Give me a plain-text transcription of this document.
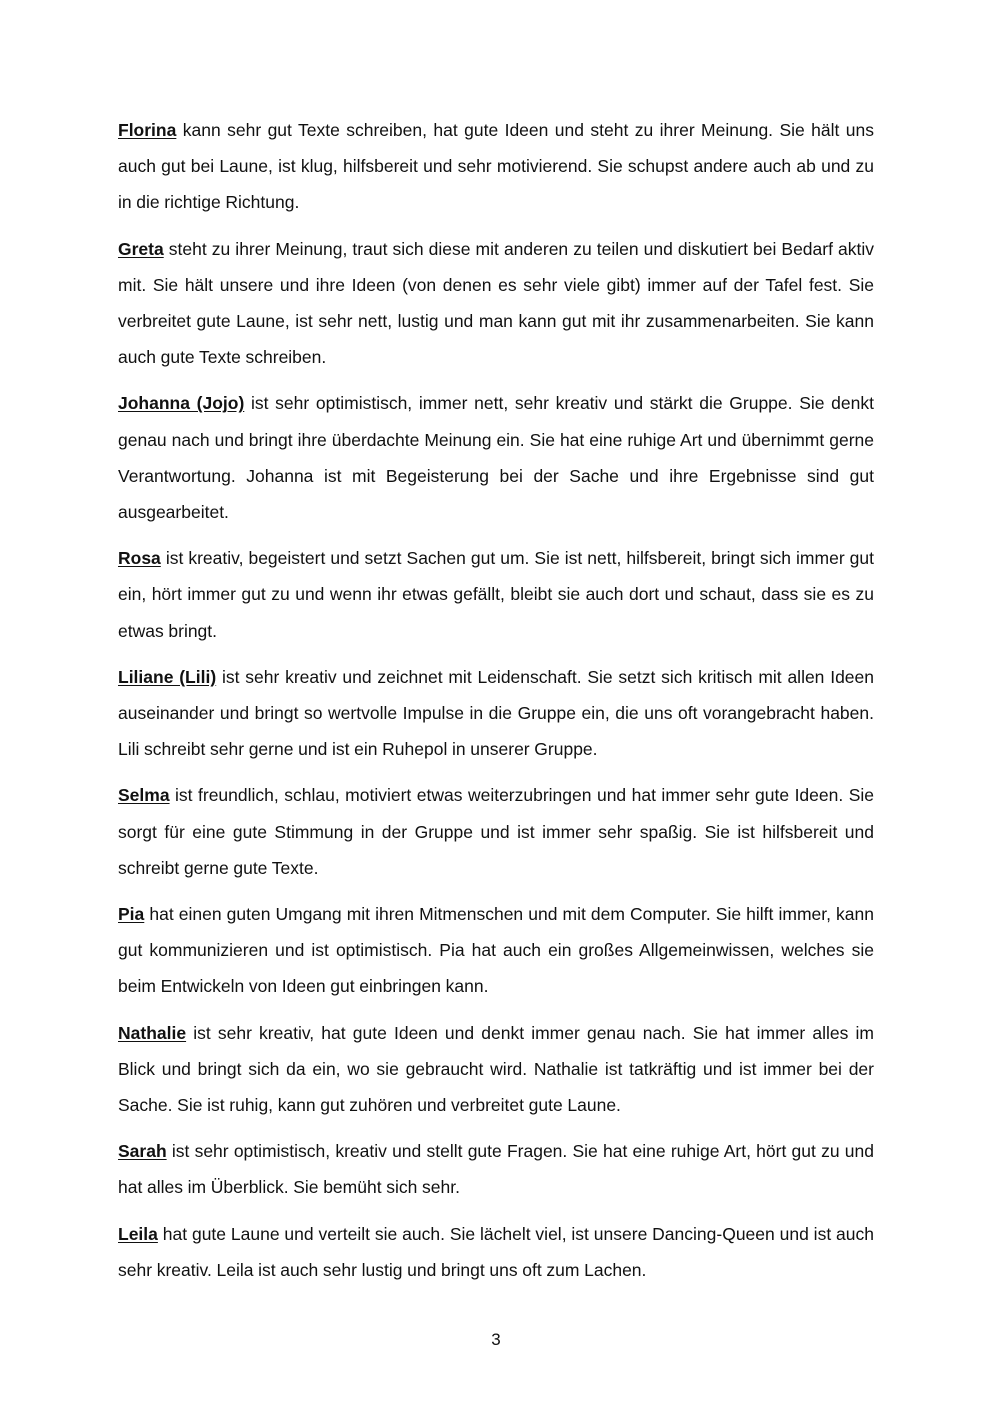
Florina kann sehr gut Texte schreiben, hat gute Ideen und steht zu ihrer Meinung. Sie hält uns auch gut bei Laune, ist klug, hilfsbereit und sehr motivierend. Sie schupst andere auch ab und zu in die richtige Richtung.

Greta steht zu ihrer Meinung, traut sich diese mit anderen zu teilen und diskutiert bei Bedarf aktiv mit. Sie hält unsere und ihre Ideen (von denen es sehr viele gibt) immer auf der Tafel fest. Sie verbreitet gute Laune, ist sehr nett, lustig und man kann gut mit ihr zusammenarbeiten. Sie kann auch gute Texte schreiben.

Johanna (Jojo) ist sehr optimistisch, immer nett, sehr kreativ und stärkt die Gruppe. Sie denkt genau nach und bringt ihre überdachte Meinung ein. Sie hat eine ruhige Art und übernimmt gerne Verantwortung. Johanna ist mit Begeisterung bei der Sache und ihre Ergebnisse sind gut ausgearbeitet.

Rosa ist kreativ, begeistert und setzt Sachen gut um. Sie ist nett, hilfsbereit, bringt sich immer gut ein, hört immer gut zu und wenn ihr etwas gefällt, bleibt sie auch dort und schaut, dass sie es zu etwas bringt.

Liliane (Lili) ist sehr kreativ und zeichnet mit Leidenschaft. Sie setzt sich kritisch mit allen Ideen auseinander und bringt so wertvolle Impulse in die Gruppe ein, die uns oft vorangebracht haben. Lili schreibt sehr gerne und ist ein Ruhepol in unserer Gruppe.

Selma ist freundlich, schlau, motiviert etwas weiterzubringen und hat immer sehr gute Ideen. Sie sorgt für eine gute Stimmung in der Gruppe und ist immer sehr spaßig. Sie ist hilfsbereit und schreibt gerne gute Texte.

Pia hat einen guten Umgang mit ihren Mitmenschen und mit dem Computer. Sie hilft immer, kann gut kommunizieren und ist optimistisch. Pia hat auch ein großes Allgemeinwissen, welches sie beim Entwickeln von Ideen gut einbringen kann.

Nathalie ist sehr kreativ, hat gute Ideen und denkt immer genau nach. Sie hat immer alles im Blick und bringt sich da ein, wo sie gebraucht wird. Nathalie ist tatkräftig und ist immer bei der Sache. Sie ist ruhig, kann gut zuhören und verbreitet gute Laune.

Sarah ist sehr optimistisch, kreativ und stellt gute Fragen. Sie hat eine ruhige Art, hört gut zu und hat alles im Überblick. Sie bemüht sich sehr.

Leila hat gute Laune und verteilt sie auch. Sie lächelt viel, ist unsere Dancing-Queen und ist auch sehr kreativ. Leila ist auch sehr lustig und bringt uns oft zum Lachen.

3
